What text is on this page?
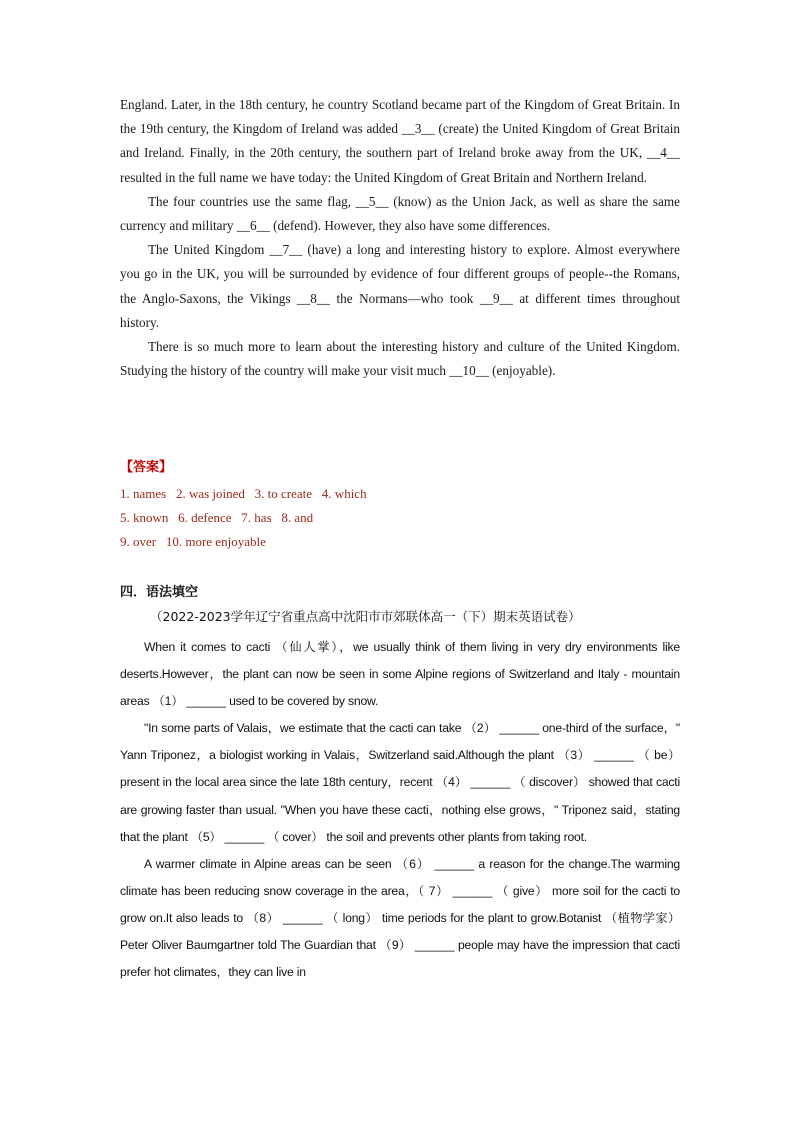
England. Later, in the 18th century, he country Scotland became part of the Kingdom of Great Britain. In the 19th century, the Kingdom of Ireland was added __3__ (create) the United Kingdom of Great Britain and Ireland. Finally, in the 20th century, the southern part of Ireland broke away from the UK, __4__ resulted in the full name we have today: the United Kingdom of Great Britain and Northern Ireland.

The four countries use the same flag, __5__ (know) as the Union Jack, as well as share the same currency and military __6__ (defend). However, they also have some differences.

The United Kingdom __7__ (have) a long and interesting history to explore. Almost everywhere you go in the UK, you will be surrounded by evidence of four different groups of people--the Romans, the Anglo-Saxons, the Vikings __8__ the Normans—who took __9__ at different times throughout history.

There is so much more to learn about the interesting history and culture of the United Kingdom. Studying the history of the country will make your visit much __10__ (enjoyable).

【答案】
1. names   2. was joined   3. to create   4. which
5. known   6. defence   7. has   8. and
9. over   10. more enjoyable
四．语法填空
（2022-2023学年辽宁省重点高中沈阳市市郊联体高一（下）期末英语试卷）

When it comes to cacti （仙人掌），we usually think of them living in very dry environments like deserts.However，the plant can now be seen in some Alpine regions of Switzerland and Italy - mountain areas （1） ______ used to be covered by snow.

"In some parts of Valais，we estimate that the cacti can take （2） ______ one-third of the surface，" Yann Triponez，a biologist working in Valais，Switzerland said.Although the plant （3） ______ （ be） present in the local area since the late 18th century，recent （4） ______ （ discover） showed that cacti are growing faster than usual. "When you have these cacti，nothing else grows，" Triponez said，stating that the plant （5） ______ （ cover） the soil and prevents other plants from taking root.

A warmer climate in Alpine areas can be seen （6） ______ a reason for the change.The warming climate has been reducing snow coverage in the area，（ 7） ______ （ give） more soil for the cacti to grow on.It also leads to （8） ______ （ long） time periods for the plant to grow.Botanist （植物学家） Peter Oliver Baumgartner told The Guardian that （9） ______ people may have the impression that cacti prefer hot climates，they can live in
